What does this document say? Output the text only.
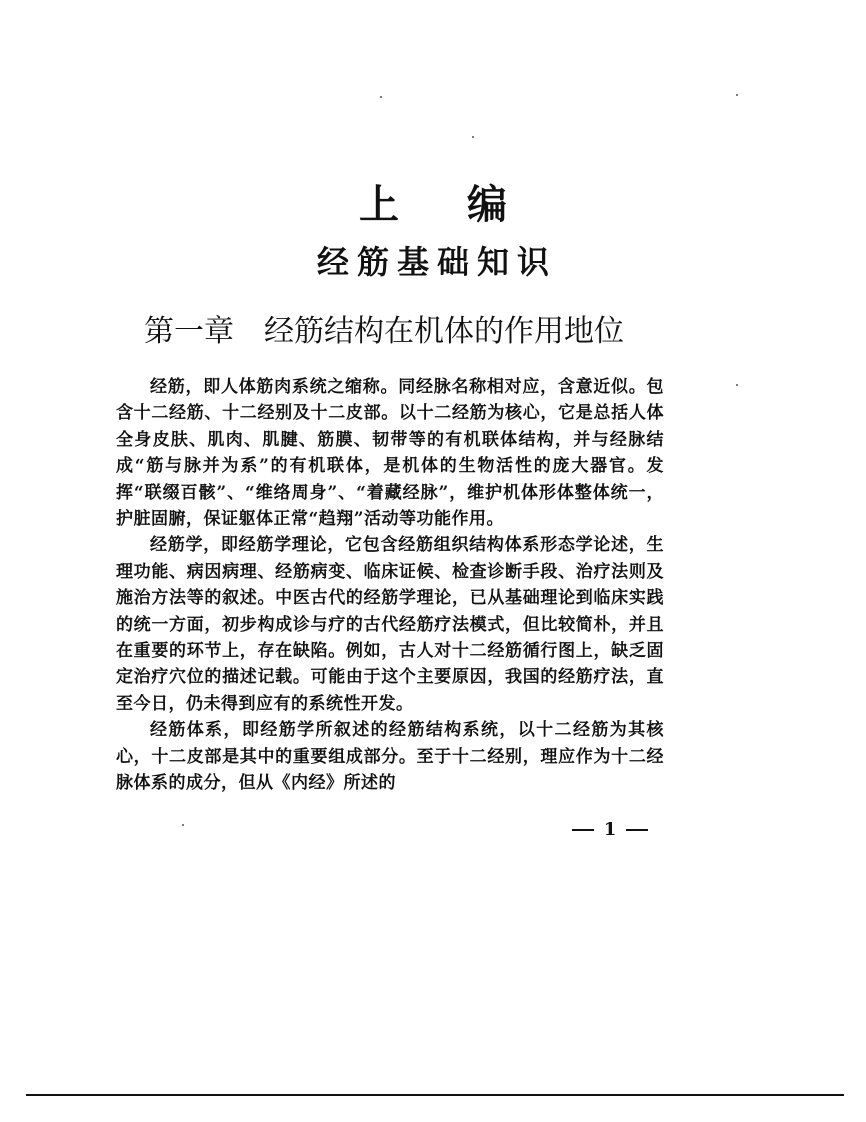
上编
经筋基础知识
第一章 经筋结构在机体的作用地位

经筋，即人体筋肉系统之缩称。同经脉名称相对应，含意近似。包含十二经筋、十二经别及十二皮部。以十二经筋为核心，它是总括人体全身皮肤、肌肉、肌腱、筋膜、韧带等的有机联体结构，并与经脉结成“筋与脉并为系”的有机联体，是机体的生物活性的庞大器官。发挥“联缀百骸”、“维络周身”、“着藏经脉”，维护机体形体整体统一，护脏固腑，保证躯体正常“趋翔”活动等功能作用。

经筋学，即经筋学理论，它包含经筋组织结构体系形态学论述，生理功能、病因病理、经筋病变、临床证候、检查诊断手段、治疗法则及施治方法等的叙述。中医古代的经筋学理论，已从基础理论到临床实践的统一方面，初步构成诊与疗的古代经筋疗法模式，但比较简朴，并且在重要的环节上，存在缺陷。例如，古人对十二经筋循行图上，缺乏固定治疗穴位的描述记载。可能由于这个主要原因，我国的经筋疗法，直至今日，仍未得到应有的系统性开发。

经筋体系，即经筋学所叙述的经筋结构系统，以十二经筋为其核心，十二皮部是其中的重要组成部分。至于十二经别，理应作为十二经脉体系的成分，但从《内经》所述的

1
